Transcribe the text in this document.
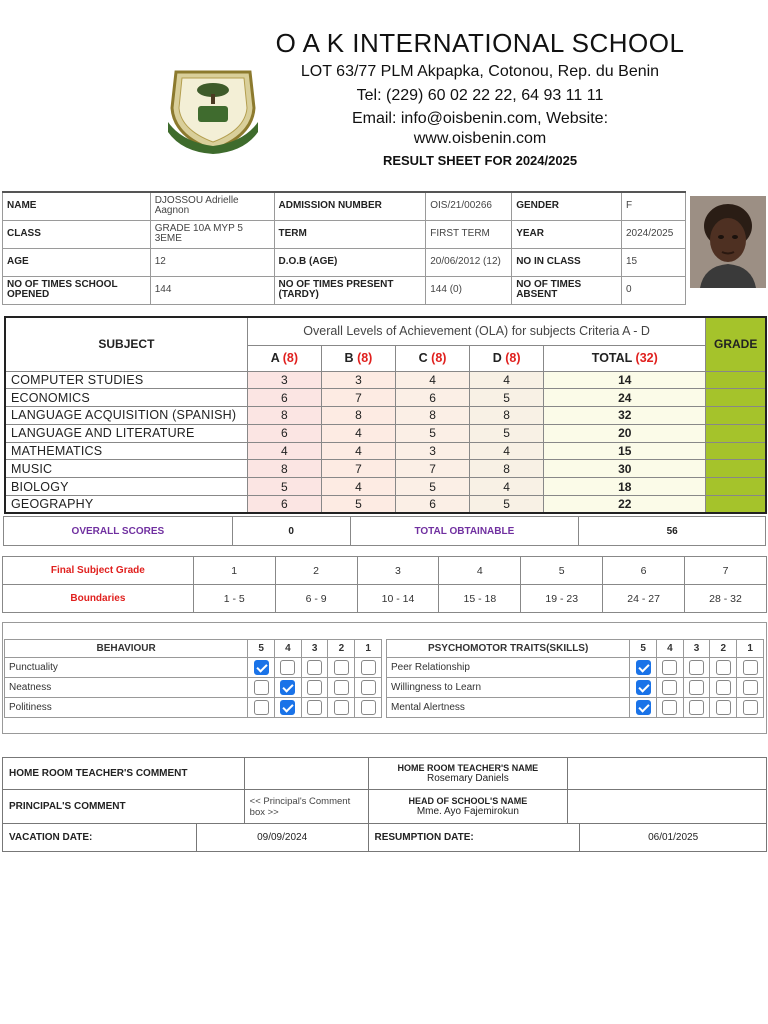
O A K INTERNATIONAL SCHOOL
LOT 63/77 PLM Akpapka, Cotonou, Rep. du Benin
Tel: (229) 60 02 22 22, 64 93 11 11
Email: info@oisbenin.com, Website:
www.oisbenin.com
RESULT SHEET FOR 2024/2025
NAME	DJOSSOU Adrielle Aagnon	ADMISSION NUMBER	OIS/21/00266	GENDER	F
CLASS	GRADE 10A MYP 5 3EME	TERM	FIRST TERM	YEAR	2024/2025
AGE	12	D.O.B (AGE)	20/06/2012 (12)	NO IN CLASS	15
NO OF TIMES SCHOOL OPENED	144	NO OF TIMES PRESENT (TARDY)	144 (0)	NO OF TIMES ABSENT	0
SUBJECT	Overall Levels of Achievement (OLA) for subjects Criteria A - D					GRADE
	A (8)	B (8)	C (8)	D (8)	TOTAL (32)	
COMPUTER STUDIES	3	3	4	4	14	
ECONOMICS	6	7	6	5	24	
LANGUAGE ACQUISITION (SPANISH)	8	8	8	8	32	
LANGUAGE AND LITERATURE	6	4	5	5	20	
MATHEMATICS	4	4	3	4	15	
MUSIC	8	7	7	8	30	
BIOLOGY	5	4	5	4	18	
GEOGRAPHY	6	5	6	5	22	
OVERALL SCORES	0	TOTAL OBTAINABLE	56
Final Subject Grade	1	2	3	4	5	6	7
Boundaries	1 - 5	6 - 9	10 - 14	15 - 18	19 - 23	24 - 27	28 - 32
BEHAVIOUR	5	4	3	2	1
Punctuality					
Neatness					
Politiness					
PSYCHOMOTOR TRAITS(SKILLS)	5	4	3	2	1
Peer Relationship					
Willingness to Learn					
Mental Alertness					
HOME ROOM TEACHER'S COMMENT			HOME ROOM TEACHER'S NAME
Rosemary Daniels		
PRINCIPAL'S COMMENT		<< Principal's Comment box >>	HEAD OF SCHOOL'S NAME
Mme. Ayo Fajemirokun		
VACATION DATE:	09/09/2024		RESUMPTION DATE:		06/01/2025
